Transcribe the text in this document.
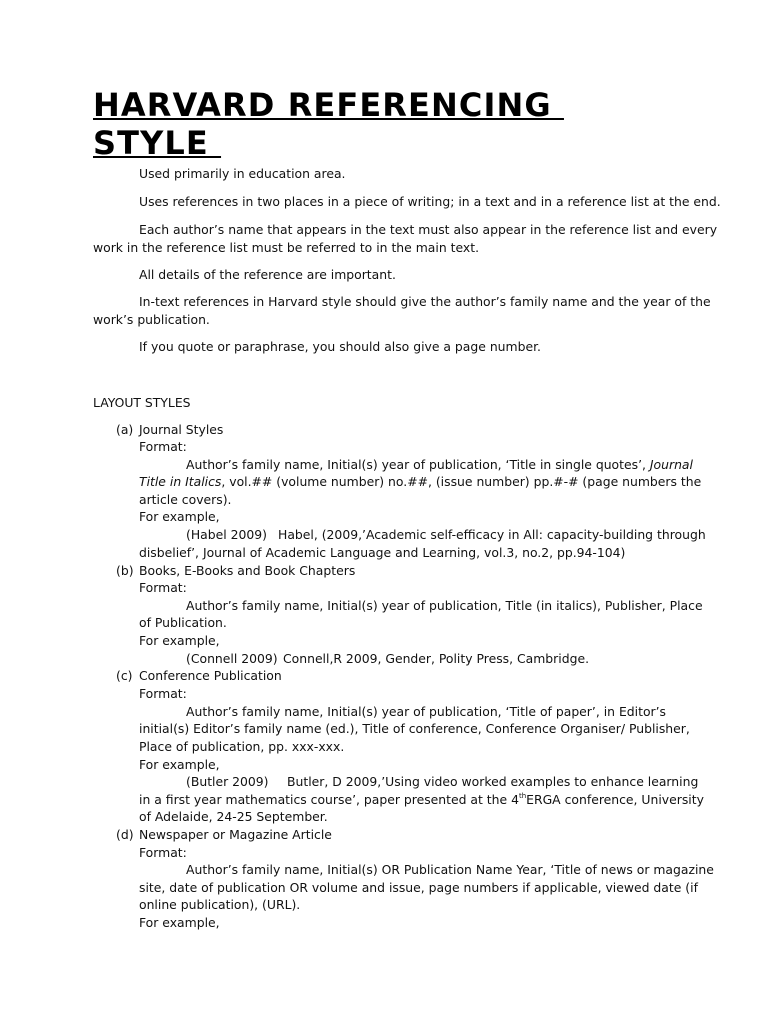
HARVARD REFERENCING
STYLE
Used primarily in education area.
Uses references in two places in a piece of writing; in a text and in a reference list at the end.
Each author’s name that appears in the text must also appear in the reference list and every
work in the reference list must be referred to in the main text.
All details of the reference are important.
In-text references in Harvard style should give the author’s family name and the year of the
work’s publication.
If you quote or paraphrase, you should also give a page number.
LAYOUT STYLES
(a) Journal Styles
Format:
Author’s family name, Initial(s) year of publication, ‘Title in single quotes’, Journal
Title in Italics, vol.## (volume number) no.##, (issue number) pp.#-# (page numbers the
article covers).
For example,
(Habel 2009) Habel, (2009,’Academic self-efficacy in All: capacity-building through
disbelief’, Journal of Academic Language and Learning, vol.3, no.2, pp.94-104)
(b) Books, E-Books and Book Chapters
Format:
Author’s family name, Initial(s) year of publication, Title (in italics), Publisher, Place
of Publication.
For example,
(Connell 2009) Connell,R 2009, Gender, Polity Press, Cambridge.
(c) Conference Publication
Format:
Author’s family name, Initial(s) year of publication, ‘Title of paper’, in Editor’s
initial(s) Editor’s family name (ed.), Title of conference, Conference Organiser/ Publisher,
Place of publication, pp. xxx-xxx.
For example,
(Butler 2009) Butler, D 2009,’Using video worked examples to enhance learning
in a first year mathematics course’, paper presented at the 4thERGA conference, University
of Adelaide, 24-25 September.
(d) Newspaper or Magazine Article
Format:
Author’s family name, Initial(s) OR Publication Name Year, ‘Title of news or magazine
site, date of publication OR volume and issue, page numbers if applicable, viewed date (if
online publication), (URL).
For example,
